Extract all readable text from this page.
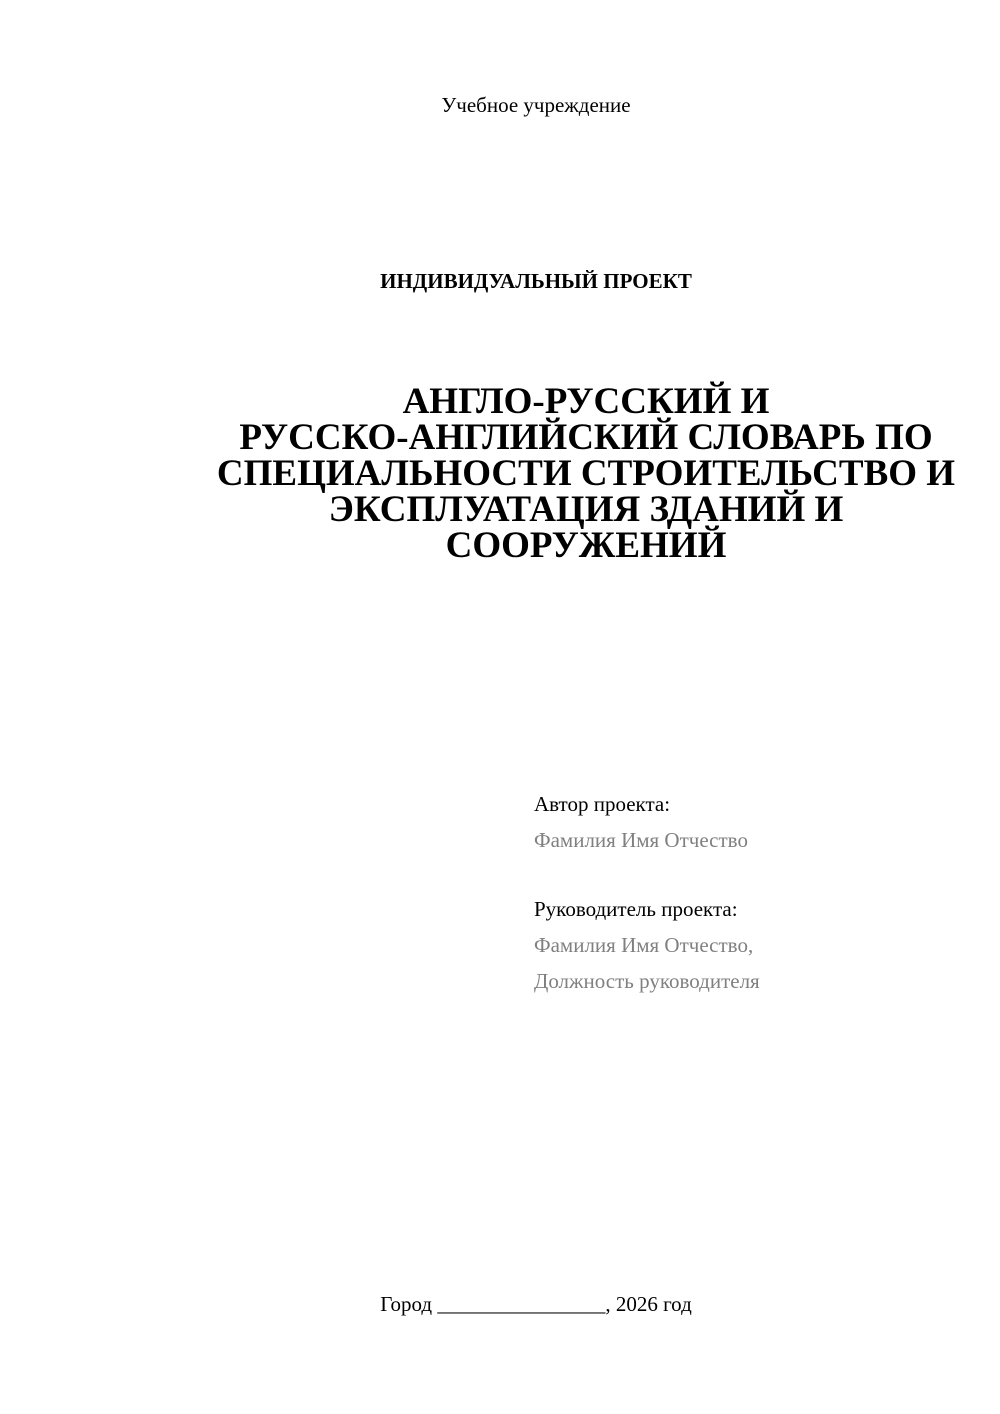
Учебное учреждение
ИНДИВИДУАЛЬНЫЙ ПРОЕКТ
АНГЛО-РУССКИЙ И
РУССКО-АНГЛИЙСКИЙ СЛОВАРЬ ПО
СПЕЦИАЛЬНОСТИ СТРОИТЕЛЬСТВО И
ЭКСПЛУАТАЦИЯ ЗДАНИЙ И
СООРУЖЕНИЙ
Автор проекта:
Фамилия Имя Отчество
Руководитель проекта:
Фамилия Имя Отчество,
Должность руководителя
Город ________________, 2026 год
